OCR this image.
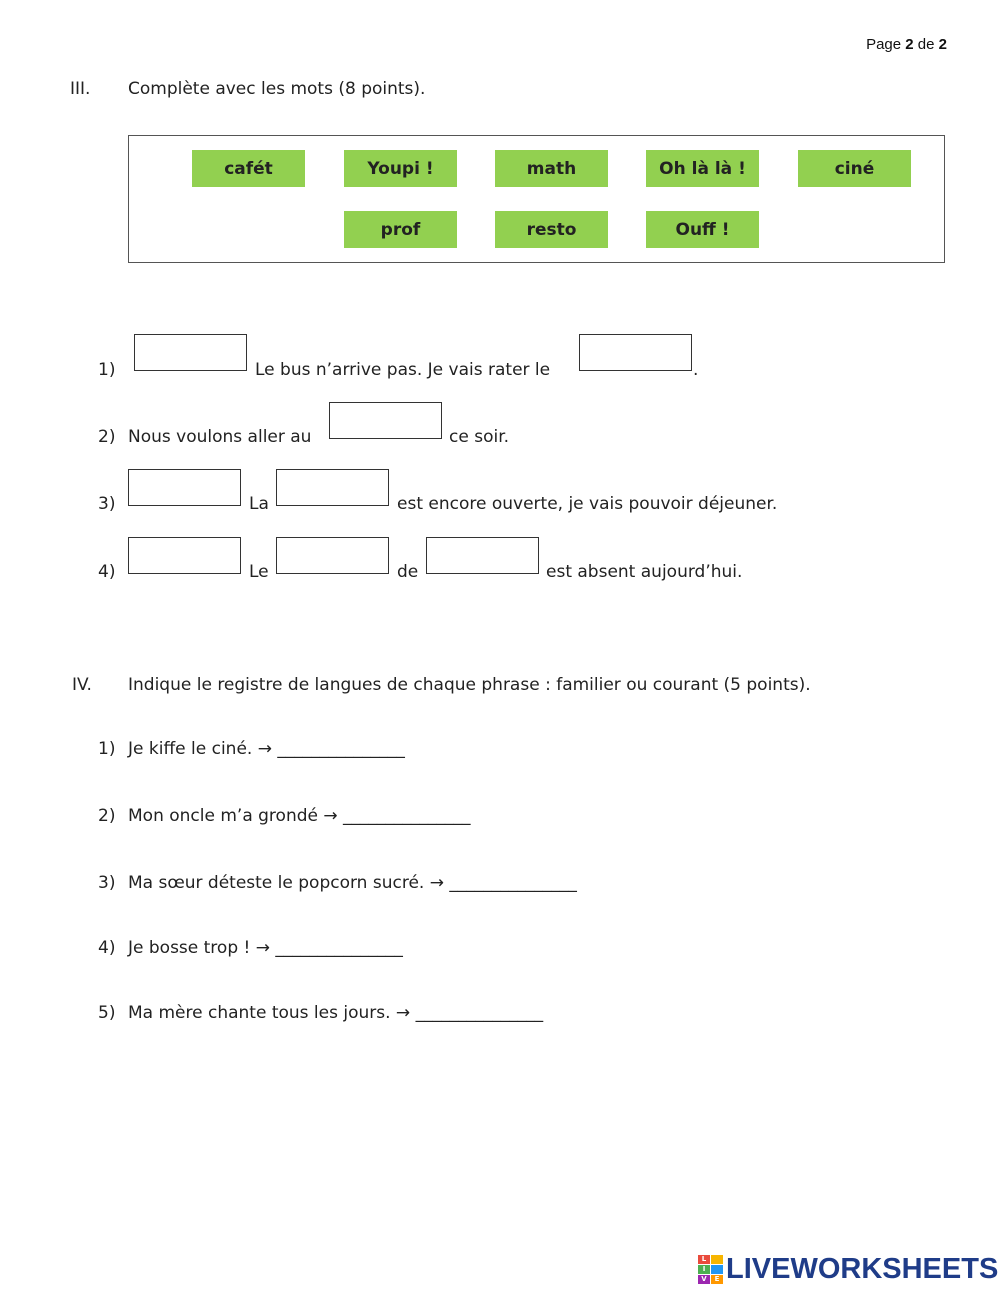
Page 2 de 2
III. Complète avec les mots (8 points).
cafét	Youpi !	math	Oh là là !	ciné
prof	resto	Ouff !
1)	Le bus n’arrive pas. Je vais rater le	.
2) Nous voulons aller au	ce soir.
3)	La	est encore ouverte, je vais pouvoir déjeuner.
4)	Le	de	est absent aujourd’hui.
IV. Indique le registre de langues de chaque phrase : familier ou courant (5 points).
1) Je kiffe le ciné. → _______________
2) Mon oncle m’a grondé → _______________
3) Ma sœur déteste le popcorn sucré. → _______________
4) Je bosse trop ! → _______________
5) Ma mère chante tous les jours. → _______________
L
I
V	E LIVEWORKSHEETS
